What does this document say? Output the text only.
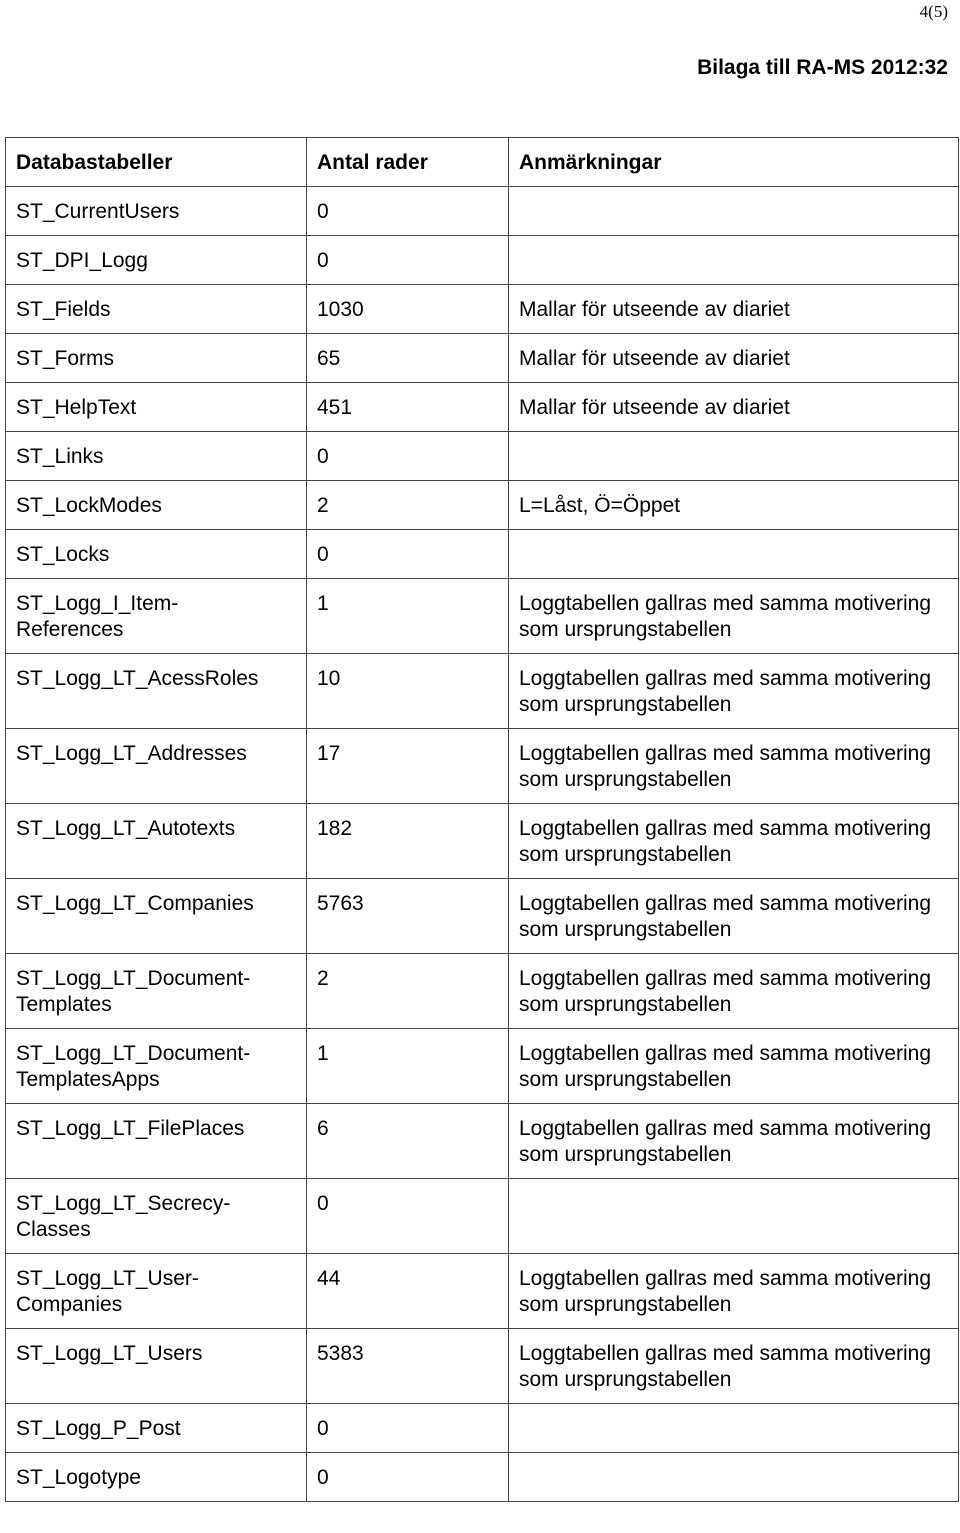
4(5)
Bilaga till RA-MS 2012:32
Databastabeller	Antal rader	Anmärkningar
ST_CurrentUsers	0	
ST_DPI_Logg	0	
ST_Fields	1030	Mallar för utseende av diariet
ST_Forms	65	Mallar för utseende av diariet
ST_HelpText	451	Mallar för utseende av diariet
ST_Links	0	
ST_LockModes	2	L=Låst, Ö=Öppet
ST_Locks	0	
ST_Logg_I_Item-
References	1	Loggtabellen gallras med samma motivering som ursprungstabellen
ST_Logg_LT_AcessRoles	10	Loggtabellen gallras med samma motivering som ursprungstabellen
ST_Logg_LT_Addresses	17	Loggtabellen gallras med samma motivering som ursprungstabellen
ST_Logg_LT_Autotexts	182	Loggtabellen gallras med samma motivering som ursprungstabellen
ST_Logg_LT_Companies	5763	Loggtabellen gallras med samma motivering som ursprungstabellen
ST_Logg_LT_Document-
Templates	2	Loggtabellen gallras med samma motivering som ursprungstabellen
ST_Logg_LT_Document-
TemplatesApps	1	Loggtabellen gallras med samma motivering som ursprungstabellen
ST_Logg_LT_FilePlaces	6	Loggtabellen gallras med samma motivering som ursprungstabellen
ST_Logg_LT_Secrecy-
Classes	0	
ST_Logg_LT_User-
Companies	44	Loggtabellen gallras med samma motivering som ursprungstabellen
ST_Logg_LT_Users	5383	Loggtabellen gallras med samma motivering som ursprungstabellen
ST_Logg_P_Post	0	
ST_Logotype	0	
